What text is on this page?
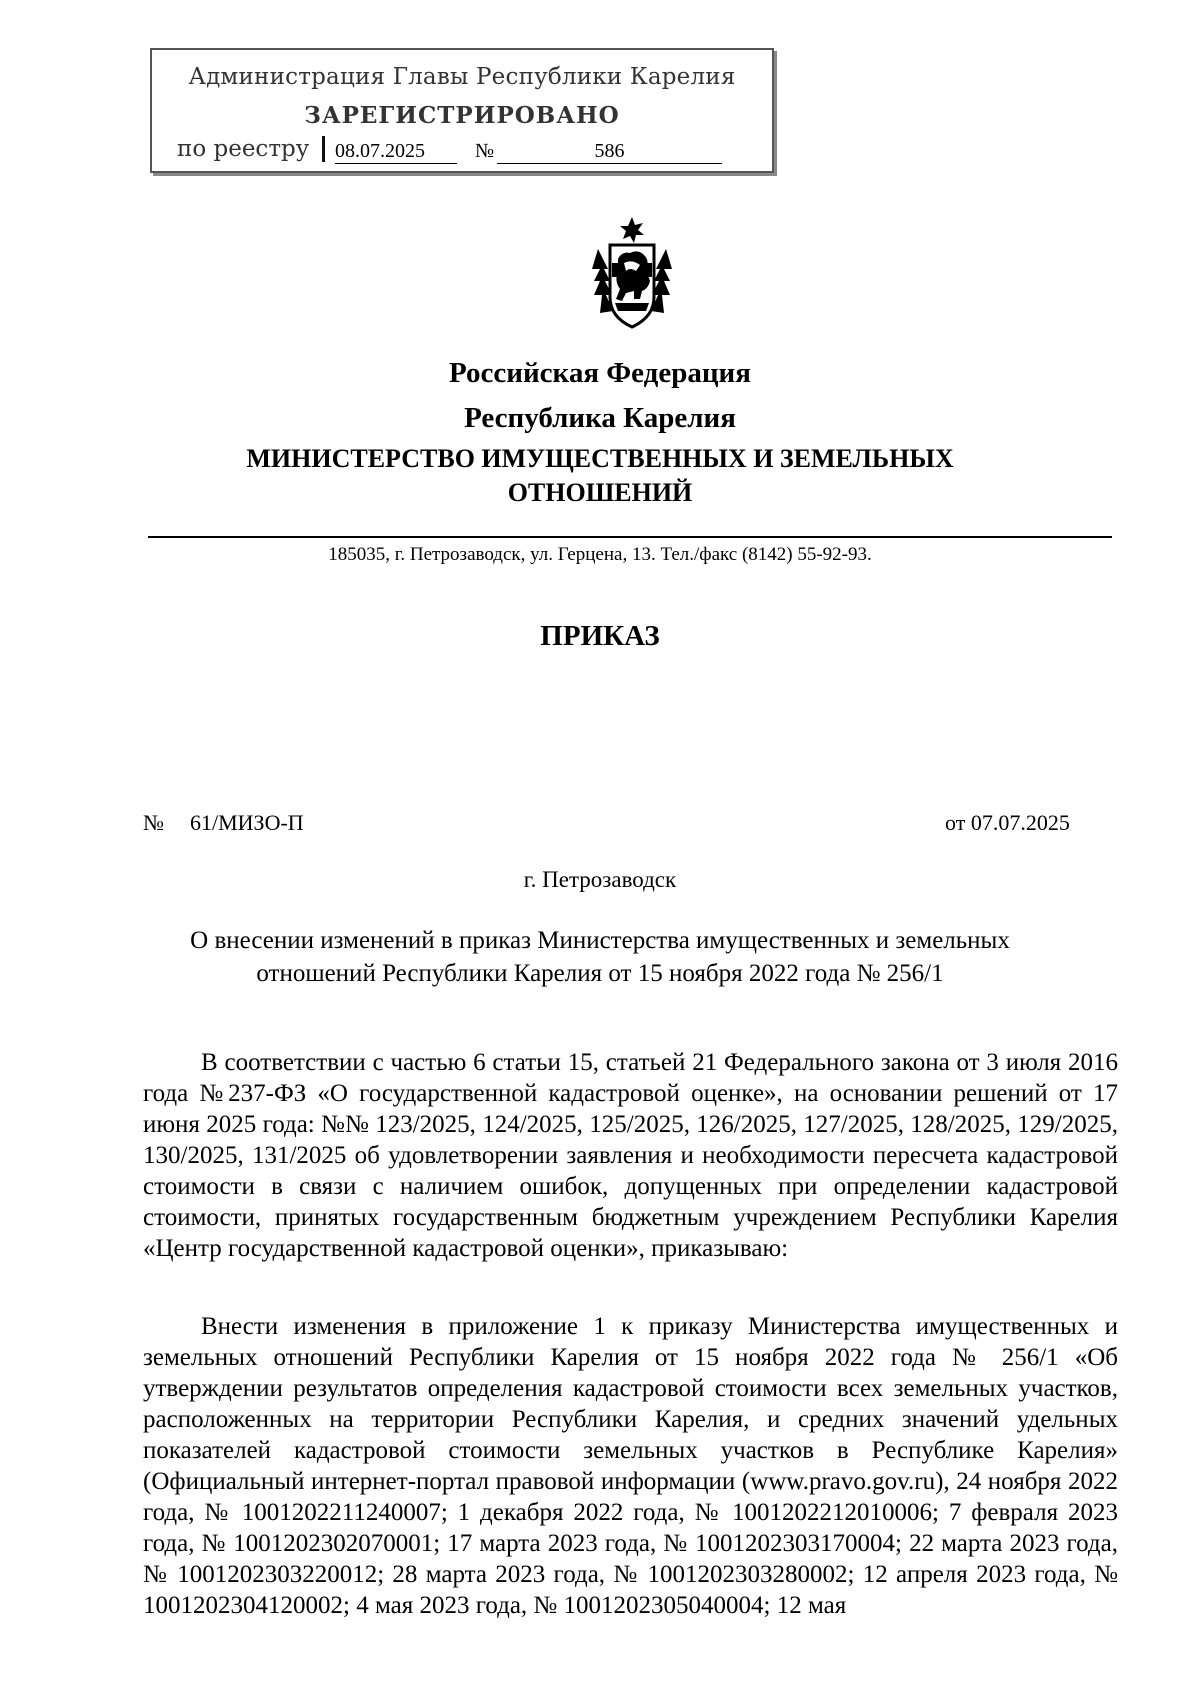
Администрация Главы Республики Карелия
ЗАРЕГИСТРИРОВАНО
по реестру 08.07.2025	№	586
Российская Федерация
Республика Карелия
МИНИСТЕРСТВО ИМУЩЕСТВЕННЫХ И ЗЕМЕЛЬНЫХ
ОТНОШЕНИЙ
185035, г. Петрозаводск, ул. Герцена, 13. Тел./факс (8142) 55-92-93.
ПРИКАЗ
№ 61/МИЗО-П	от 07.07.2025
г. Петрозаводск
О внесении изменений в приказ Министерства имущественных и земельных
отношений Республики Карелия от 15 ноября 2022 года № 256/1
В соответствии с частью 6 статьи 15, статьей 21 Федерального закона от 3 июля 2016 года №237-ФЗ «О государственной кадастровой оценке», на основании решений от 17 июня 2025 года: №№ 123/2025, 124/2025, 125/2025, 126/2025, 127/2025, 128/2025, 129/2025, 130/2025, 131/2025 об удовлетворении заявления и необходимости пересчета кадастровой стоимости в связи с наличием ошибок, допущенных при определении кадастровой стоимости, принятых государственным бюджетным учреждением Республики Карелия «Центр государственной кадастровой оценки», приказываю:
Внести изменения в приложение 1 к приказу Министерства имущественных и земельных отношений Республики Карелия от 15 ноября 2022 года № 256/1 «Об утверждении результатов определения кадастровой стоимости всех земельных участков, расположенных на территории Республики Карелия, и средних значений удельных показателей кадастровой стоимости земельных участков в Республике Карелия» (Официальный интернет-портал правовой информации (www.pravo.gov.ru), 24 ноября 2022 года, № 1001202211240007; 1 декабря 2022 года, № 1001202212010006; 7 февраля 2023 года, № 1001202302070001; 17 марта 2023 года, № 1001202303170004; 22 марта 2023 года, № 1001202303220012; 28 марта 2023 года, № 1001202303280002; 12 апреля 2023 года, № 1001202304120002; 4 мая 2023 года, № 1001202305040004; 12 мая
